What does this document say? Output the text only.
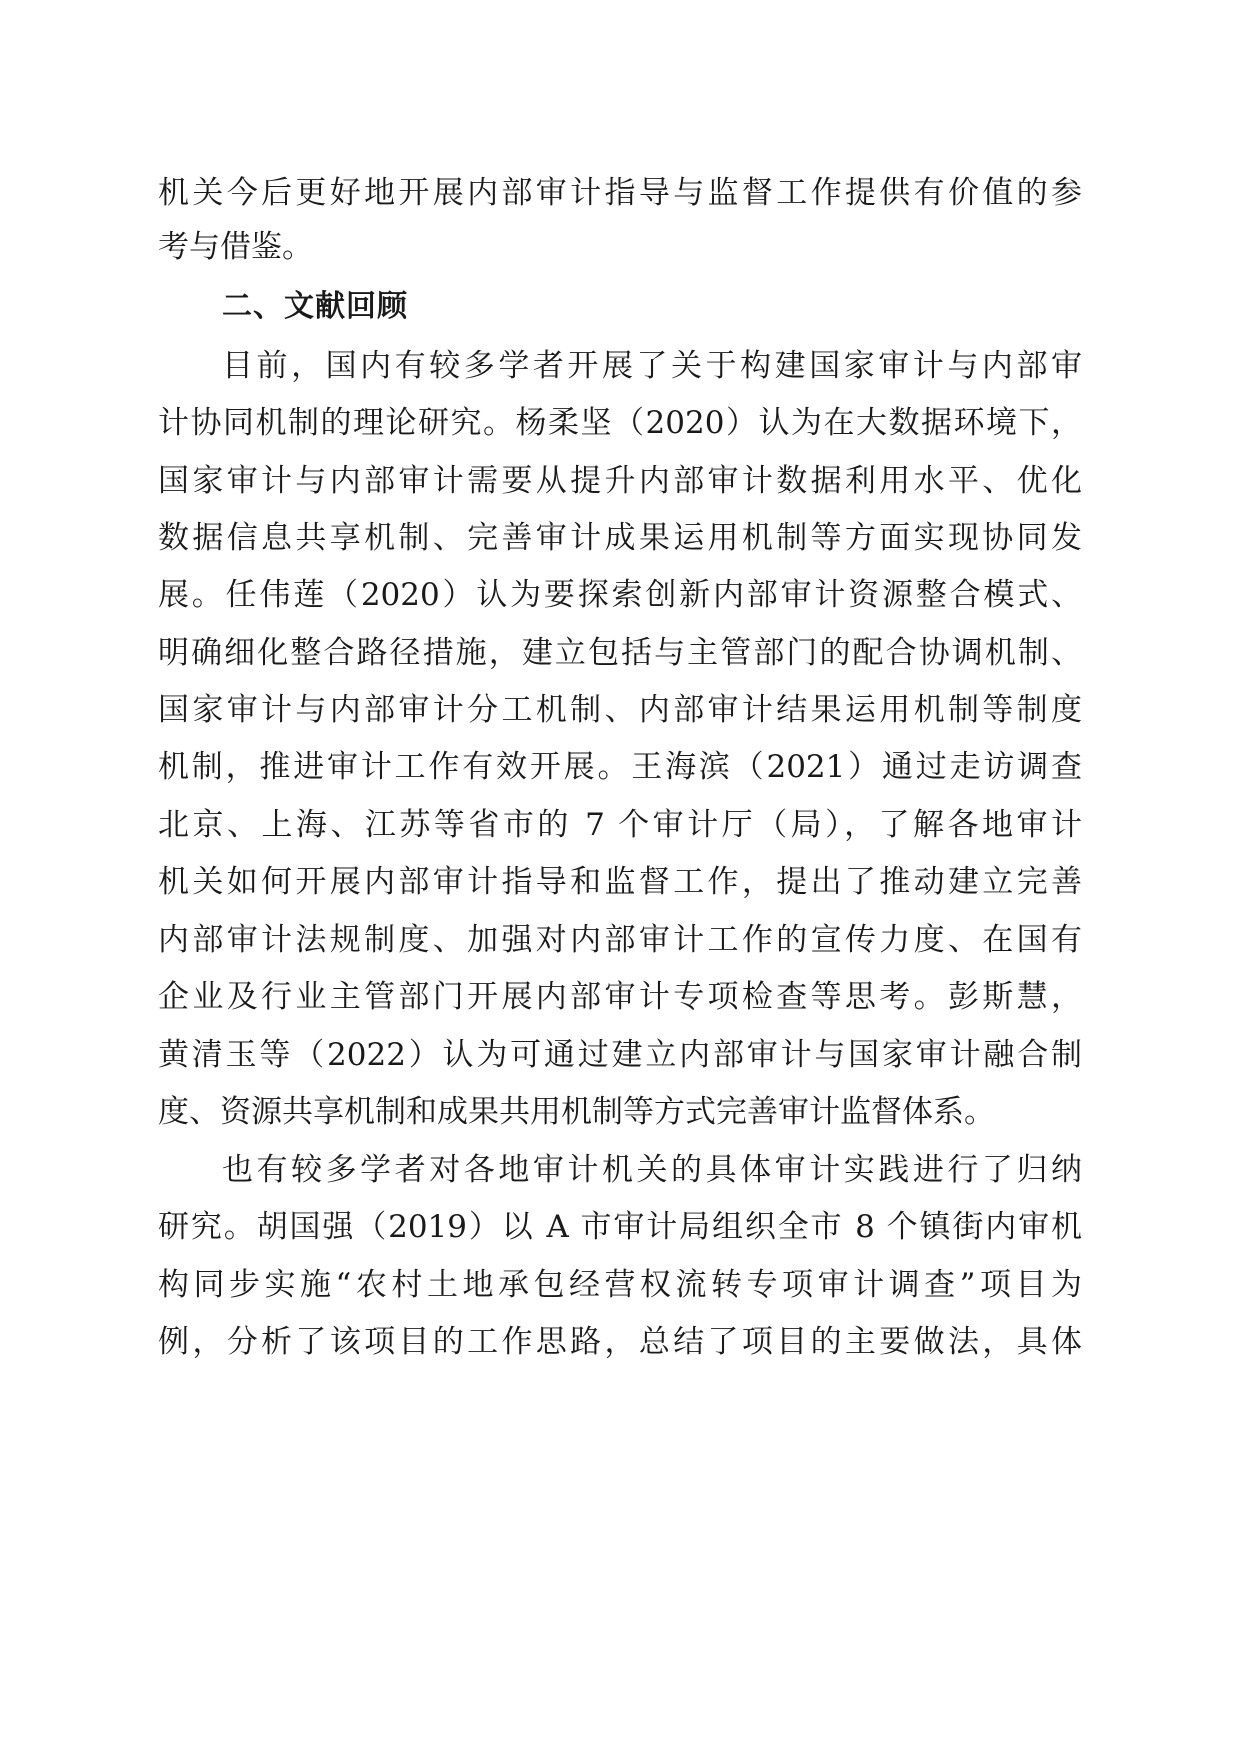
机关今后更好地开展内部审计指导与监督工作提供有价值的参

考与借鉴。

二、文献回顾

目前，国内有较多学者开展了关于构建国家审计与内部审

计协同机制的理论研究。杨柔坚（2020）认为在大数据环境下，

国家审计与内部审计需要从提升内部审计数据利用水平、优化

数据信息共享机制、完善审计成果运用机制等方面实现协同发

展。任伟莲（2020）认为要探索创新内部审计资源整合模式、

明确细化整合路径措施，建立包括与主管部门的配合协调机制、

国家审计与内部审计分工机制、内部审计结果运用机制等制度

机制，推进审计工作有效开展。王海滨（2021）通过走访调查

北京、上海、江苏等省市的 7 个审计厅（局），了解各地审计

机关如何开展内部审计指导和监督工作，提出了推动建立完善

内部审计法规制度、加强对内部审计工作的宣传力度、在国有

企业及行业主管部门开展内部审计专项检查等思考。彭斯慧，

黄清玉等（2022）认为可通过建立内部审计与国家审计融合制

度、资源共享机制和成果共用机制等方式完善审计监督体系。

也有较多学者对各地审计机关的具体审计实践进行了归纳

研究。胡国强（2019）以 A 市审计局组织全市 8 个镇街内审机

构同步实施“农村土地承包经营权流转专项审计调查”项目为

例，分析了该项目的工作思路，总结了项目的主要做法，具体
